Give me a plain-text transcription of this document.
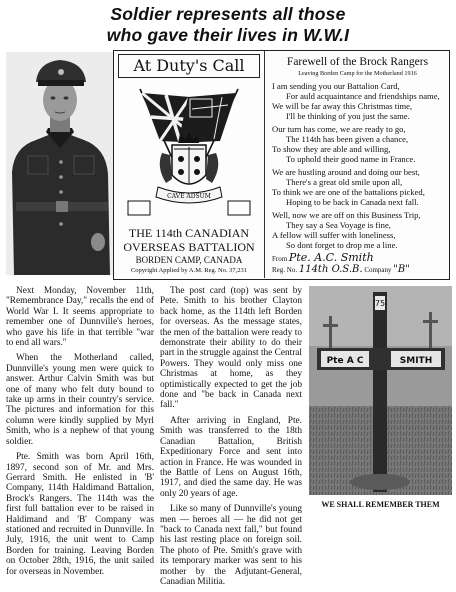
Soldier represents all those
who gave their lives in W.W.I
At Duty's Call
CAVE ADSUM
THE 114th CANADIAN
OVERSEAS BATTALION
BORDEN CAMP, CANADA
Copyright Applied by A.M. Reg. No. 37,231
Farewell of the Brock Rangers
Leaving Borden Camp for the Motherland 1916
I am sending you our Battalion Card,
For auld acquaintance and friendships name,
We will be far away this Christmas time,
I'll be thinking of you just the same.
Our turn has come, we are ready to go,
The 114th has been given a chance,
To show they are able and willing,
To uphold their good name in France.
We are hustling around and doing our best,
There's a great old smile upon all,
To think we are one of the battalions picked,
Hoping to be back in Canada next fall.
Well, now we are off on this Business Trip,
They say a Sea Voyage is fine,
A fellow will suffer with loneliness,
So dont forget to drop me a line.
From Pte. A.C. Smith
Reg. No. 114th O.S.B. Company "B"

Next Monday, November 11th, "Remembrance Day," recalls the end of World War I. It seems appropriate to remember one of Dunnville's heroes, who gave his life in that terrible "war to end all wars."

When the Motherland called, Dunnville's young men were quick to answer. Arthur Calvin Smith was but one of many who felt duty bound to take up arms in their country's service. The pictures and information for this column were kindly supplied by Myrl Smith, who is a nephew of that young soldier.

Pte. Smith was born April 16th, 1897, second son of Mr. and Mrs. Gerrard Smith. He enlisted in 'B' Company, 114th Haldimand Battalion, Brock's Rangers. The 114th was the first full battalion ever to be raised in Haldimand and 'B' Company was stationed and recruited in Dunnville. In July, 1916, the unit went to Camp Borden for training. Leaving Borden on October 28th, 1916, the unit sailed for overseas in November.

The post card (top) was sent by Pete. Smith to his brother Clayton back home, as the 114th left Borden for overseas. As the message states, the men of the battalion were ready to demonstrate their ability to do their part in the struggle against the Central Powers. They would only miss one Christmas at home, as they optimistically expected to get the job done and "be back in Canada next fall."

After arriving in England, Pte. Smith was transferred to the 18th Canadian Battalion, British Expeditionary Force and sent into action in France. He was wounded in the Battle of Lens on August 16th, 1917, and died the same day. He was only 20 years of age.

Like so many of Dunnville's young men — heroes all — he did not get "back to Canada next fall," but found his last resting place on foreign soil. The photo of Pte. Smith's grave with its temporary marker was sent to his mother by the Adjutant-General, Canadian Militia.

75
Pte A C	SMITH
WE SHALL REMEMBER THEM
